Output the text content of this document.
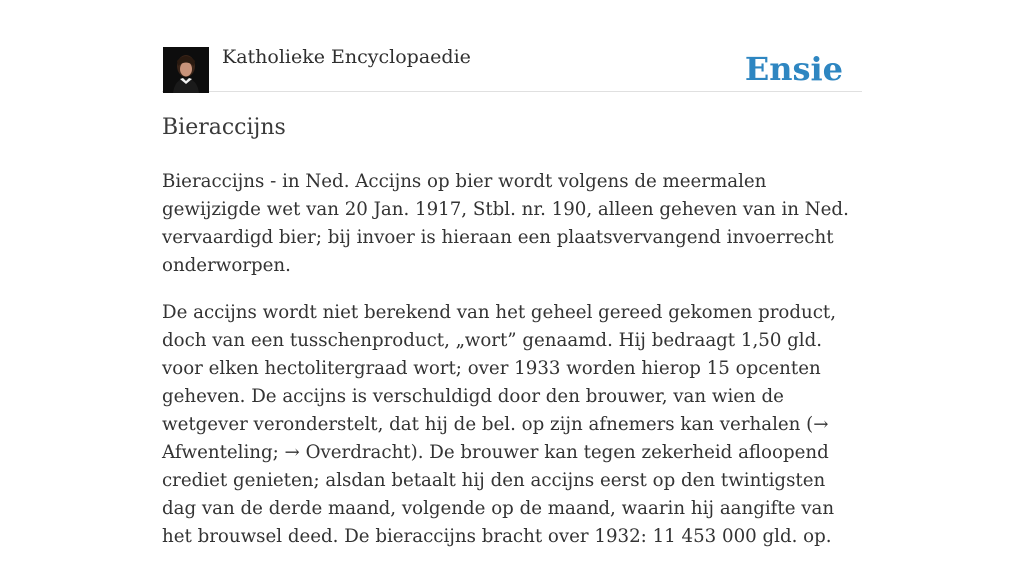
Katholieke Encyclopaedie	Ensie
Bieraccijns

Bieraccijns - in Ned. Accijns op bier wordt volgens de meermalen gewijzigde wet van 20 Jan. 1917, Stbl. nr. 190, alleen geheven van in Ned. vervaardigd bier; bij invoer is hieraan een plaatsvervangend invoerrecht onderworpen.

De accijns wordt niet berekend van het geheel gereed gekomen product, doch van een tusschenproduct, „wort” genaamd. Hij bedraagt 1,50 gld. voor elken hectolitergraad wort; over 1933 worden hierop 15 opcenten geheven. De accijns is verschuldigd door den brouwer, van wien de wetgever veronderstelt, dat hij de bel. op zijn afnemers kan verhalen (→ Afwenteling; → Overdracht). De brouwer kan tegen zekerheid afloopend crediet genieten; alsdan betaalt hij den accijns eerst op den twintigsten dag van de derde maand, volgende op de maand, waarin hij aangifte van het brouwsel deed. De bieraccijns bracht over 1932: 11 453 000 gld. op.
